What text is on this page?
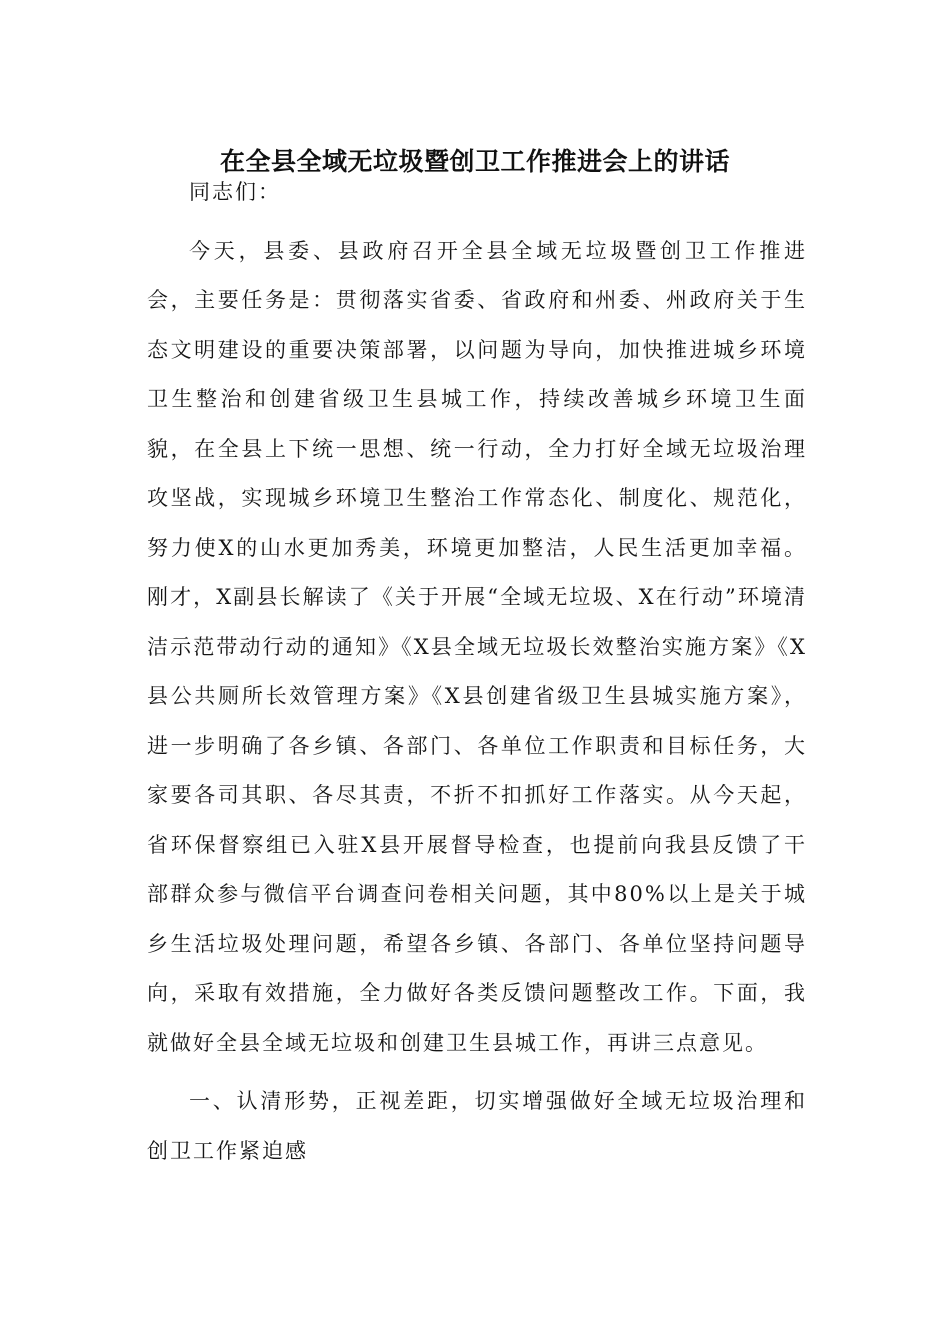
在全县全域无垃圾暨创卫工作推进会上的讲话

同志们：

今天，县委、县政府召开全县全域无垃圾暨创卫工作推进会，主要任务是：贯彻落实省委、省政府和州委、州政府关于生态文明建设的重要决策部署，以问题为导向，加快推进城乡环境卫生整治和创建省级卫生县城工作，持续改善城乡环境卫生面貌，在全县上下统一思想、统一行动，全力打好全域无垃圾治理攻坚战，实现城乡环境卫生整治工作常态化、制度化、规范化，努力使X的山水更加秀美，环境更加整洁，人民生活更加幸福。刚才，X副县长解读了《关于开展“全域无垃圾、X在行动”环境清洁示范带动行动的通知》《X县全域无垃圾长效整治实施方案》《X县公共厕所长效管理方案》《X县创建省级卫生县城实施方案》，进一步明确了各乡镇、各部门、各单位工作职责和目标任务，大家要各司其职、各尽其责，不折不扣抓好工作落实。从今天起，省环保督察组已入驻X县开展督导检查，也提前向我县反馈了干部群众参与微信平台调查问卷相关问题，其中80%以上是关于城乡生活垃圾处理问题，希望各乡镇、各部门、各单位坚持问题导向，采取有效措施，全力做好各类反馈问题整改工作。下面，我就做好全县全域无垃圾和创建卫生县城工作，再讲三点意见。

一、认清形势，正视差距，切实增强做好全域无垃圾治理和创卫工作紧迫感
